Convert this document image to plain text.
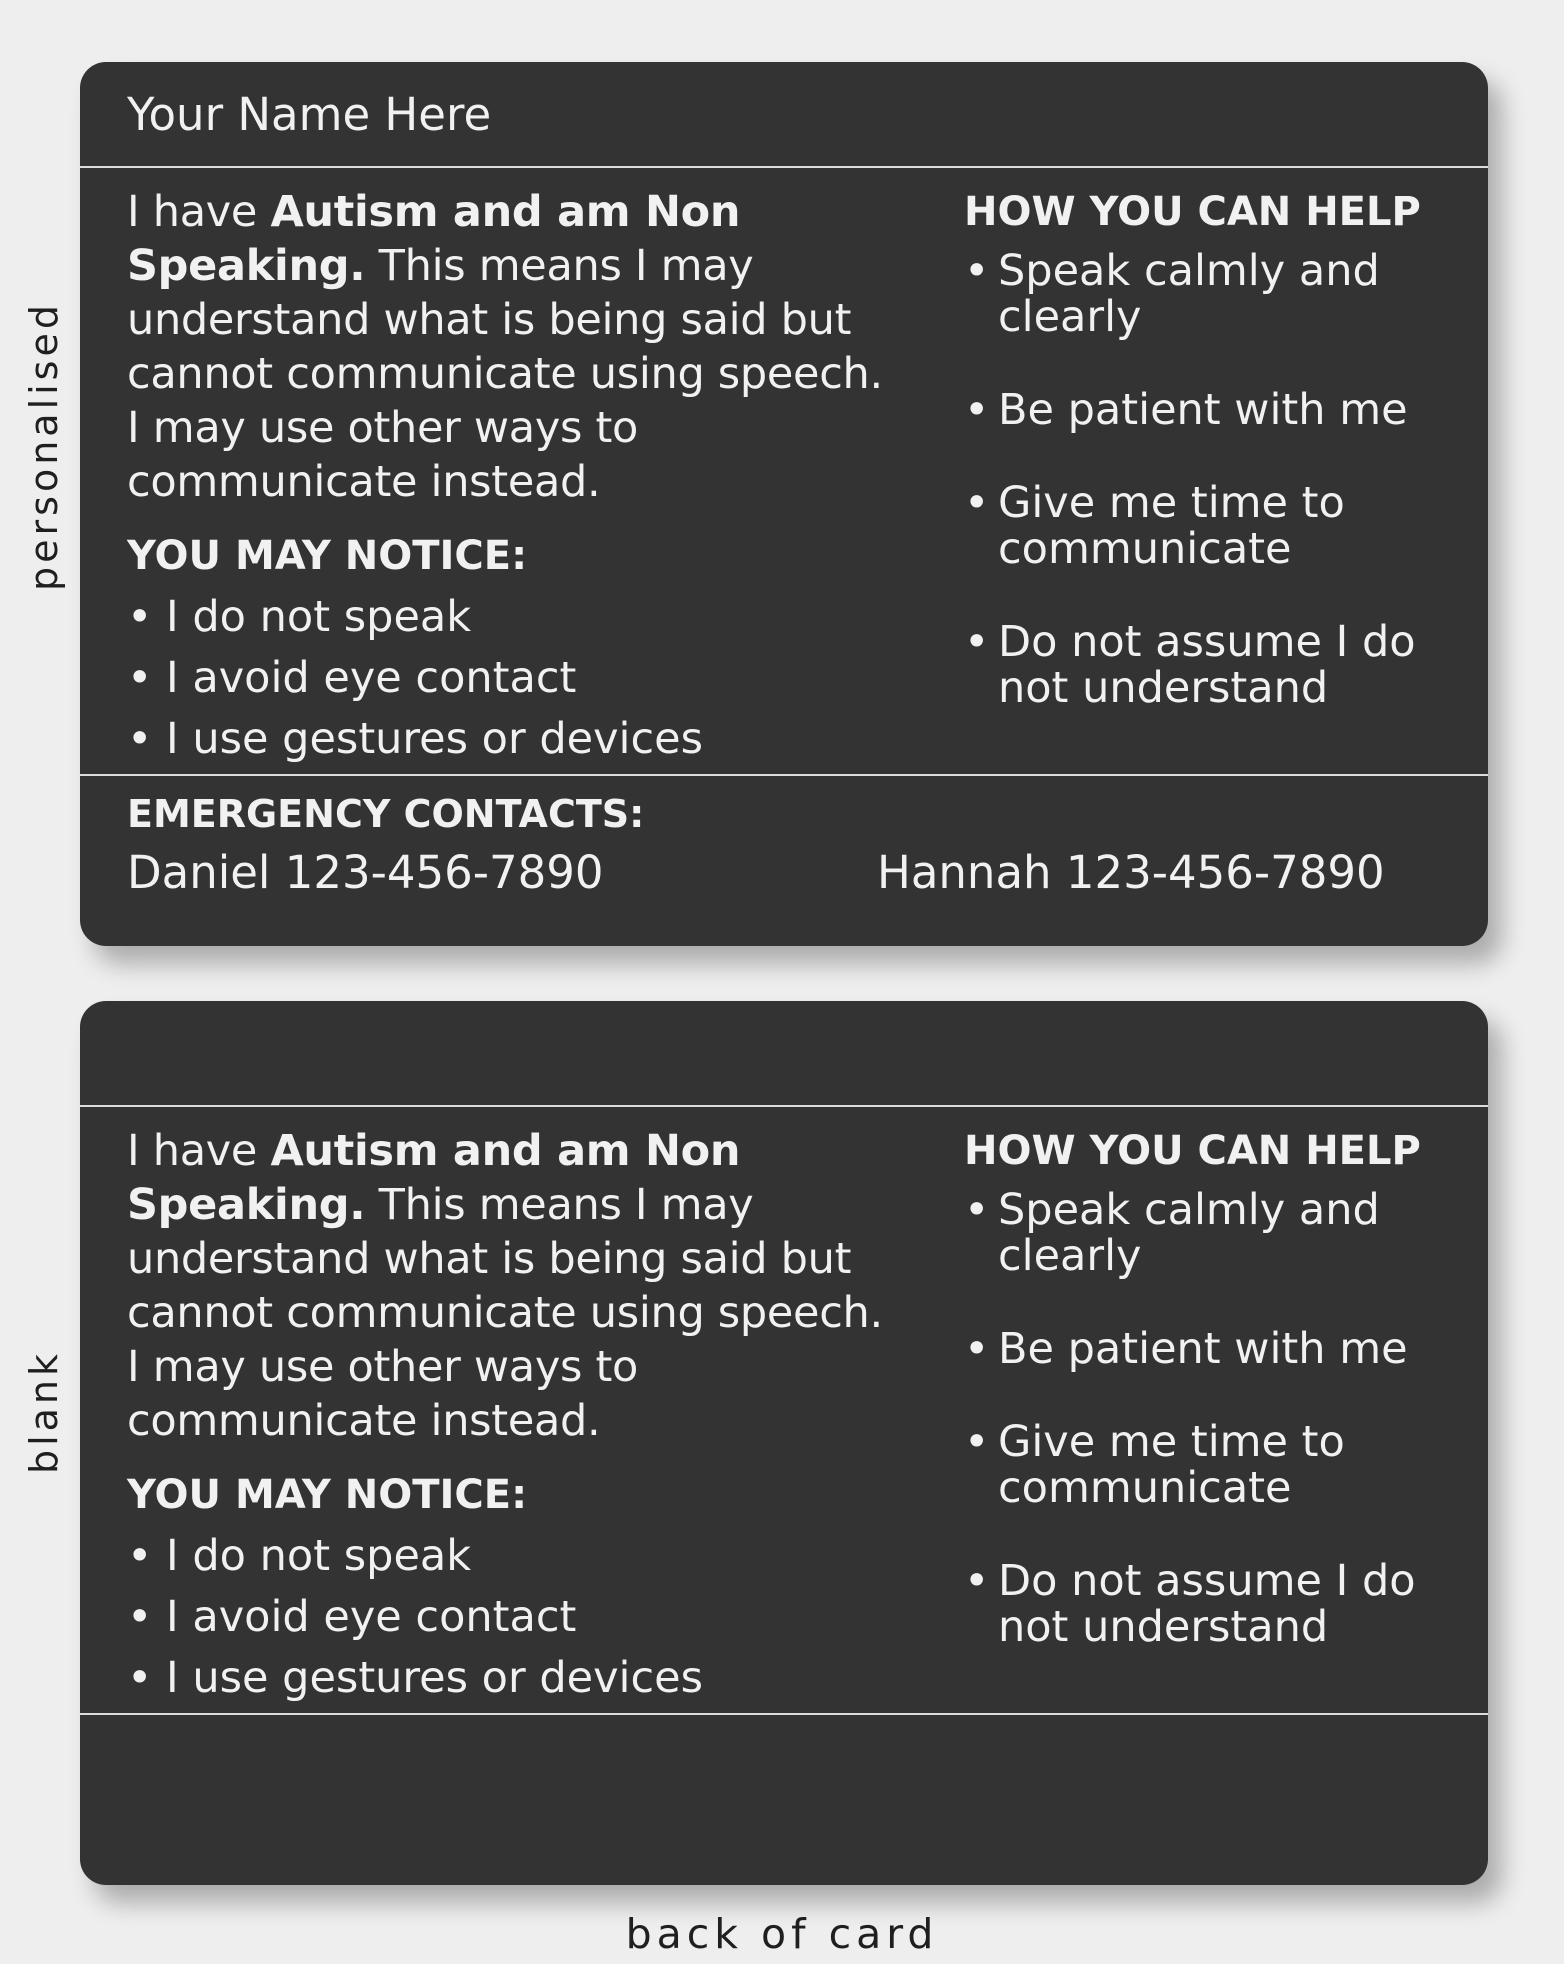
personalised
blank
Your Name Here

I have Autism and am Non Speaking. This means I may understand what is being said but cannot communicate using speech. I may use other ways to communicate instead.

YOU MAY NOTICE:
• I do not speak
• I avoid eye contact
• I use gestures or devices
HOW YOU CAN HELP
• Speak calmly and clearly
• Be patient with me
• Give me time to communicate
• Do not assume I do not understand
EMERGENCY CONTACTS:
Daniel 123-456-7890	Hannah 123-456-7890

I have Autism and am Non Speaking. This means I may understand what is being said but cannot communicate using speech. I may use other ways to communicate instead.

YOU MAY NOTICE:
• I do not speak
• I avoid eye contact
• I use gestures or devices
HOW YOU CAN HELP
• Speak calmly and clearly
• Be patient with me
• Give me time to communicate
• Do not assume I do not understand
back of card
